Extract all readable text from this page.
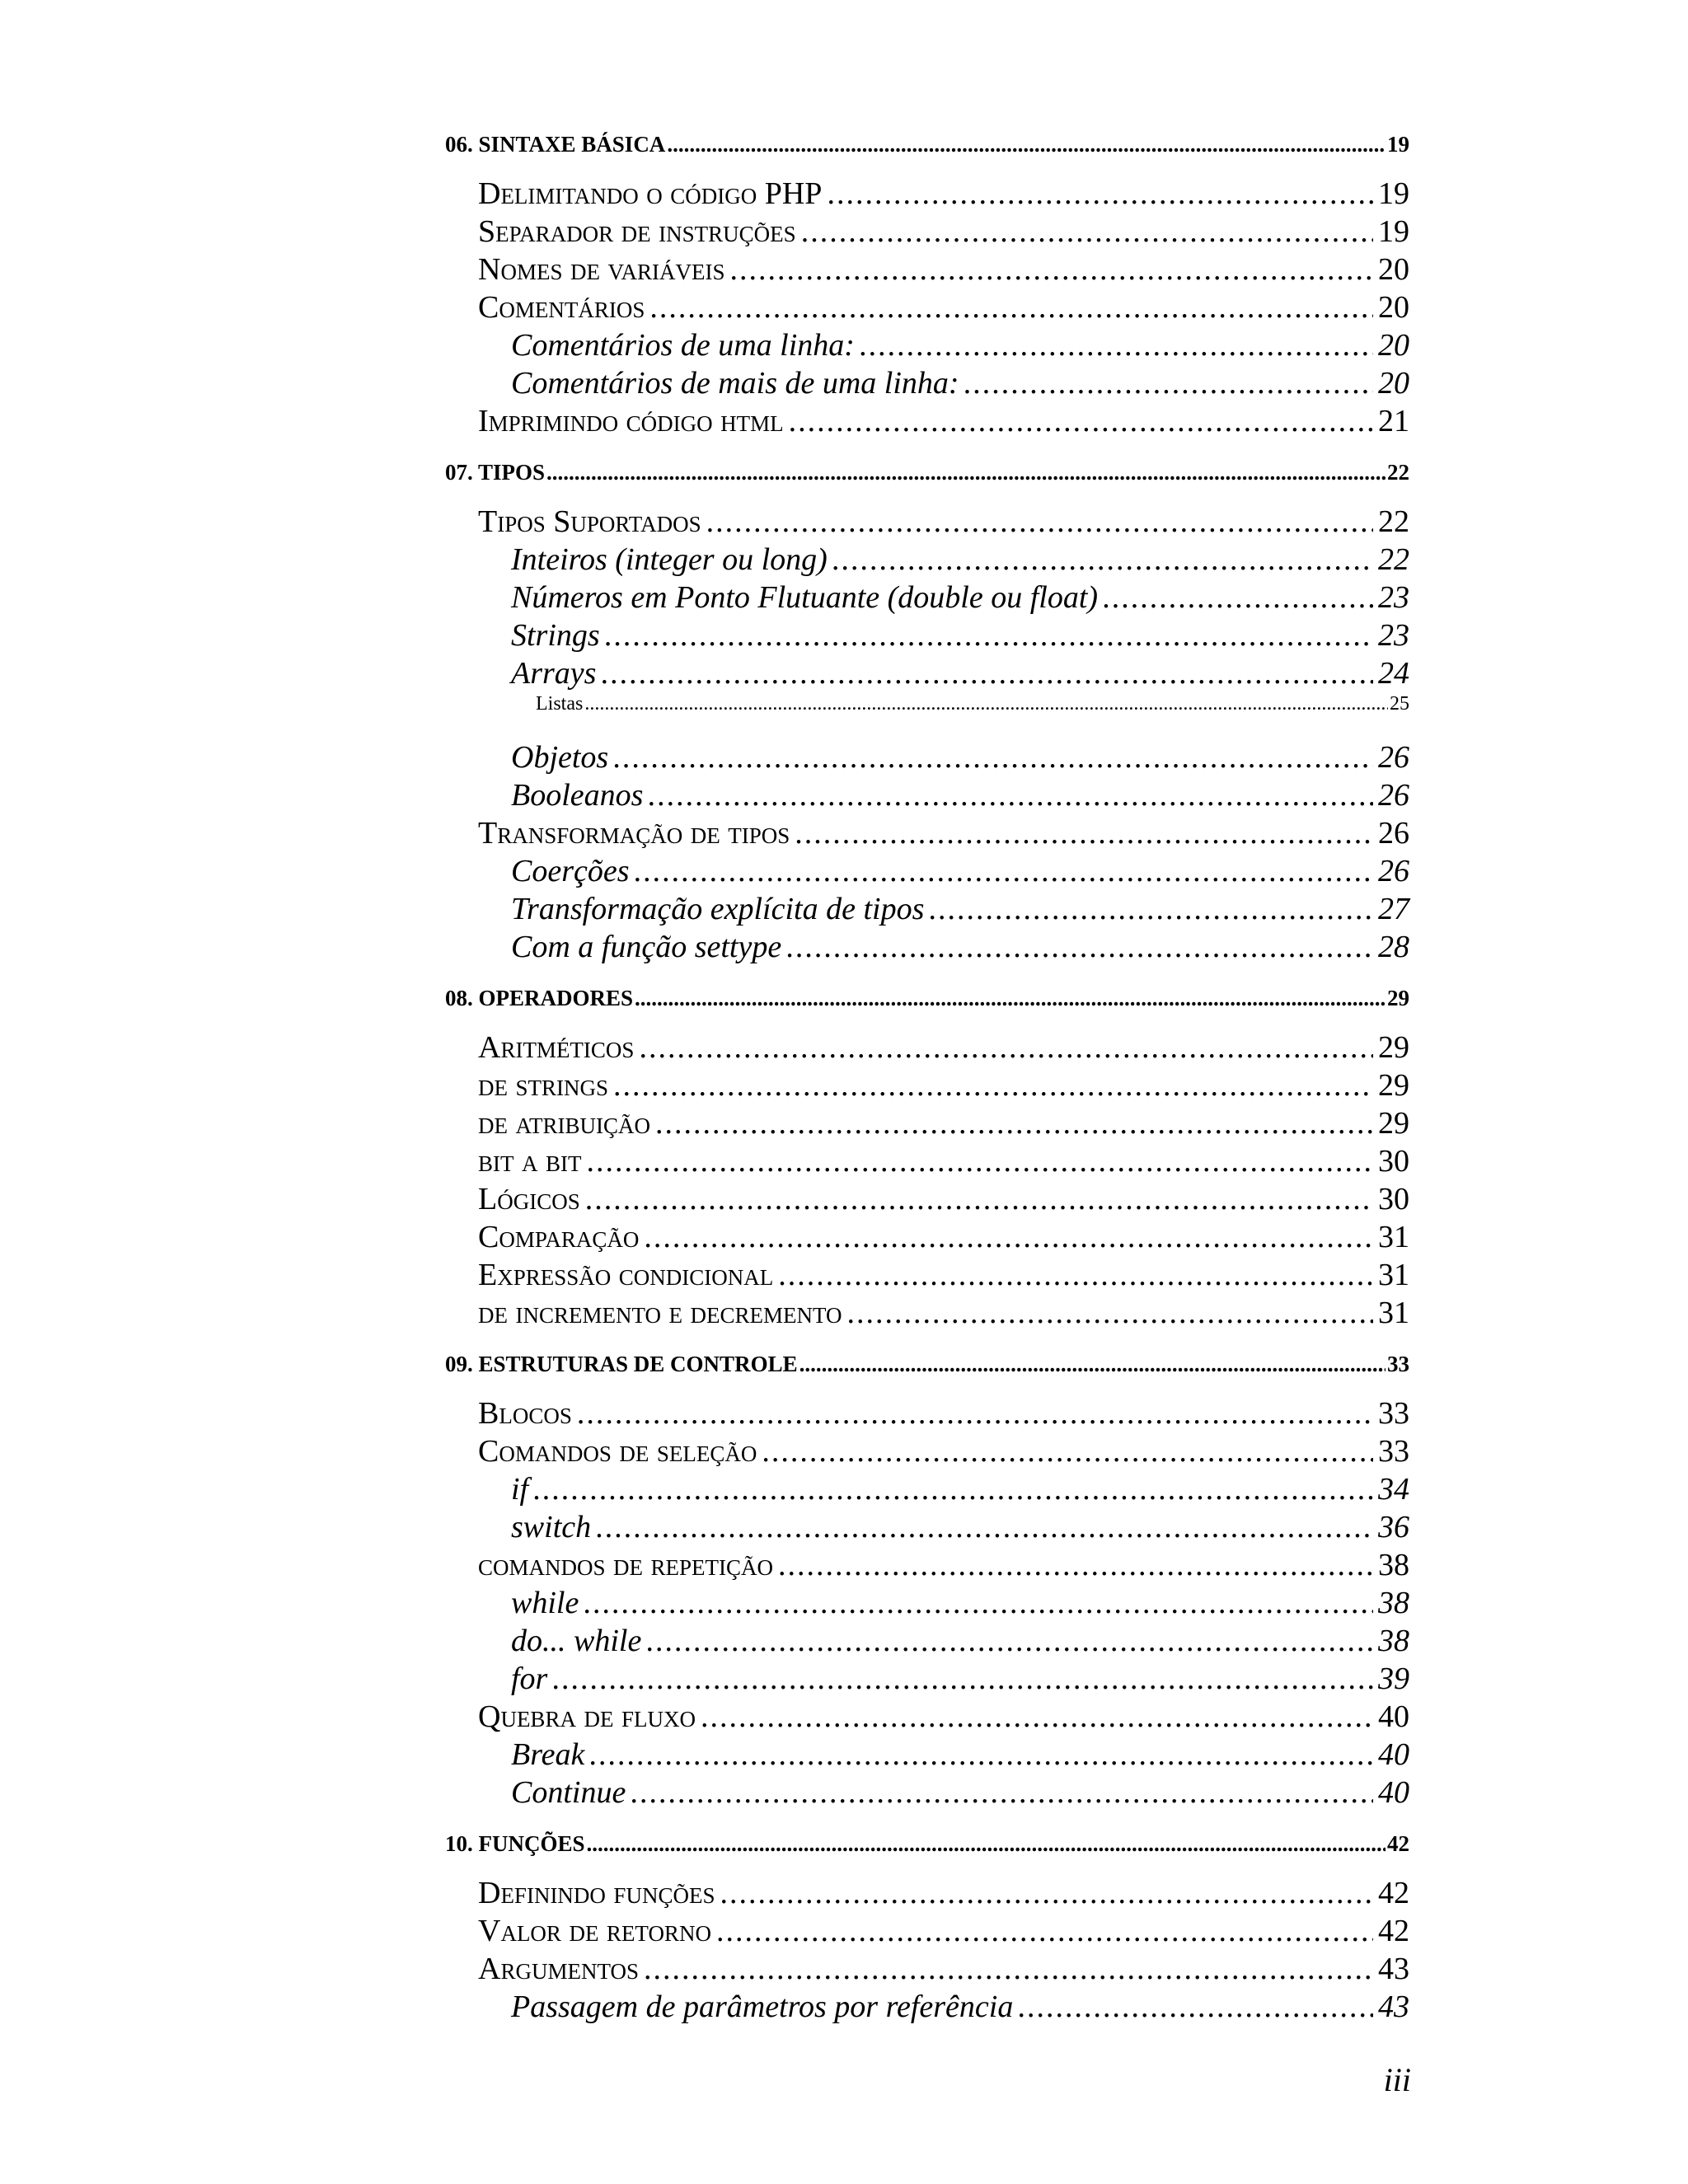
06. SINTAXE BÁSICA .....	19
Delimitando o código PHP .....	19
Separador de instruções .....	19
Nomes de variáveis .....	20
Comentários .....	20
Comentários de uma linha: .....	20
Comentários de mais de uma linha: .....	20
Imprimindo código html .....	21
07. TIPOS .....	22
Tipos Suportados .....	22
Inteiros (integer ou long) .....	22
Números em Ponto Flutuante (double ou float) .....	23
Strings .....	23
Arrays .....	24
Listas .....	25
Objetos .....	26
Booleanos .....	26
Transformação de tipos .....	26
Coerções .....	26
Transformação explícita de tipos .....	27
Com a função settype .....	28
08. OPERADORES .....	29
Aritméticos .....	29
de strings .....	29
de atribuição .....	29
bit a bit .....	30
Lógicos .....	30
Comparação .....	31
Expressão condicional .....	31
de incremento e decremento .....	31
09. ESTRUTURAS DE CONTROLE .....	33
Blocos .....	33
Comandos de seleção .....	33
if .....	34
switch .....	36
comandos de repetição .....	38
while .....	38
do... while .....	38
for .....	39
Quebra de fluxo .....	40
Break .....	40
Continue .....	40
10. FUNÇÕES .....	42
Definindo funções .....	42
Valor de retorno .....	42
Argumentos .....	43
Passagem de parâmetros por referência .....	43
iii
